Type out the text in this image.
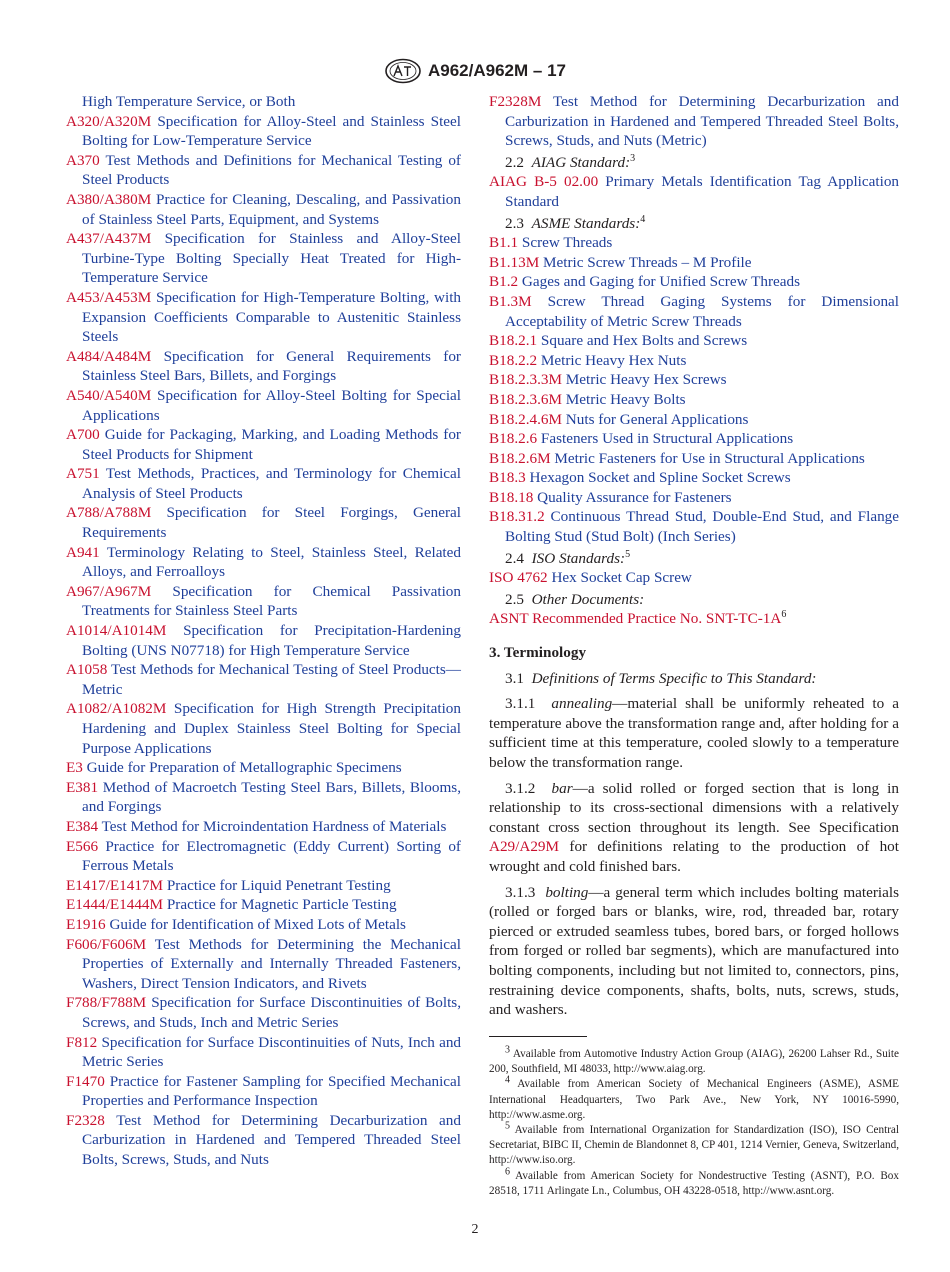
A962/A962M – 17
High Temperature Service, or Both
A320/A320M Specification for Alloy-Steel and Stainless Steel Bolting for Low-Temperature Service
A370 Test Methods and Definitions for Mechanical Testing of Steel Products
A380/A380M Practice for Cleaning, Descaling, and Passivation of Stainless Steel Parts, Equipment, and Systems
A437/A437M Specification for Stainless and Alloy-Steel Turbine-Type Bolting Specially Heat Treated for High-Temperature Service
A453/A453M Specification for High-Temperature Bolting, with Expansion Coefficients Comparable to Austenitic Stainless Steels
A484/A484M Specification for General Requirements for Stainless Steel Bars, Billets, and Forgings
A540/A540M Specification for Alloy-Steel Bolting for Special Applications
A700 Guide for Packaging, Marking, and Loading Methods for Steel Products for Shipment
A751 Test Methods, Practices, and Terminology for Chemical Analysis of Steel Products
A788/A788M Specification for Steel Forgings, General Requirements
A941 Terminology Relating to Steel, Stainless Steel, Related Alloys, and Ferroalloys
A967/A967M Specification for Chemical Passivation Treatments for Stainless Steel Parts
A1014/A1014M Specification for Precipitation-Hardening Bolting (UNS N07718) for High Temperature Service
A1058 Test Methods for Mechanical Testing of Steel Products—Metric
A1082/A1082M Specification for High Strength Precipitation Hardening and Duplex Stainless Steel Bolting for Special Purpose Applications
E3 Guide for Preparation of Metallographic Specimens
E381 Method of Macroetch Testing Steel Bars, Billets, Blooms, and Forgings
E384 Test Method for Microindentation Hardness of Materials
E566 Practice for Electromagnetic (Eddy Current) Sorting of Ferrous Metals
E1417/E1417M Practice for Liquid Penetrant Testing
E1444/E1444M Practice for Magnetic Particle Testing
E1916 Guide for Identification of Mixed Lots of Metals
F606/F606M Test Methods for Determining the Mechanical Properties of Externally and Internally Threaded Fasteners, Washers, Direct Tension Indicators, and Rivets
F788/F788M Specification for Surface Discontinuities of Bolts, Screws, and Studs, Inch and Metric Series
F812 Specification for Surface Discontinuities of Nuts, Inch and Metric Series
F1470 Practice for Fastener Sampling for Specified Mechanical Properties and Performance Inspection
F2328 Test Method for Determining Decarburization and Carburization in Hardened and Tempered Threaded Steel Bolts, Screws, Studs, and Nuts
F2328M Test Method for Determining Decarburization and Carburization in Hardened and Tempered Threaded Steel Bolts, Screws, Studs, and Nuts (Metric)
2.2 AIAG Standard:$^3$
AIAG B-5 02.00 Primary Metals Identification Tag Application Standard
2.3 ASME Standards:$^4$
B1.1 Screw Threads
B1.13M Metric Screw Threads – M Profile
B1.2 Gages and Gaging for Unified Screw Threads
B1.3M Screw Thread Gaging Systems for Dimensional Acceptability of Metric Screw Threads
B18.2.1 Square and Hex Bolts and Screws
B18.2.2 Metric Heavy Hex Nuts
B18.2.3.3M Metric Heavy Hex Screws
B18.2.3.6M Metric Heavy Bolts
B18.2.4.6M Nuts for General Applications
B18.2.6 Fasteners Used in Structural Applications
B18.2.6M Metric Fasteners for Use in Structural Applications
B18.3 Hexagon Socket and Spline Socket Screws
B18.18 Quality Assurance for Fasteners
B18.31.2 Continuous Thread Stud, Double-End Stud, and Flange Bolting Stud (Stud Bolt) (Inch Series)
2.4 ISO Standards:$^5$
ISO 4762 Hex Socket Cap Screw
2.5 Other Documents:
ASNT Recommended Practice No. SNT-$TC-1A^6$
3. Terminology
3.1 Definitions of Terms Specific to This Standard:
3.1.1 annealing—material shall be uniformly reheated to a temperature above the transformation range and, after holding for a sufficient time at this temperature, cooled slowly to a temperature below the transformation range.
3.1.2 bar—a solid rolled or forged section that is long in relationship to its cross-sectional dimensions with a relatively constant cross section throughout its length. See Specification A29/A29M for definitions relating to the production of hot wrought and cold finished bars.
3.1.3 bolting—a general term which includes bolting materials (rolled or forged bars or blanks, wire, rod, threaded bar, rotary pierced or extruded seamless tubes, bored bars, or forged hollows from forged or rolled bar segments), which are manufactured into bolting components, including but not limited to, connectors, pins, restraining device components, shafts, bolts, nuts, screws, studs, and washers.
$^3$ Available from Automotive Industry Action Group (AIAG), 26200 Lahser Rd., Suite 200, Southfield, MI 48033, http://www.aiag.org.
$^4$ Available from American Society of Mechanical Engineers (ASME), ASME International Headquarters, Two Park Ave., New York, NY 10016-5990, http://www.asme.org.
$^5$ Available from International Organization for Standardization (ISO), ISO Central Secretariat, BIBC II, Chemin de Blandonnet 8, CP 401, 1214 Vernier, Geneva, Switzerland, http://www.iso.org.
$^6$ Available from American Society for Nondestructive Testing (ASNT), P.O. Box 28518, 1711 Arlingate Ln., Columbus, OH 43228-0518, http://www.asnt.org.
2
